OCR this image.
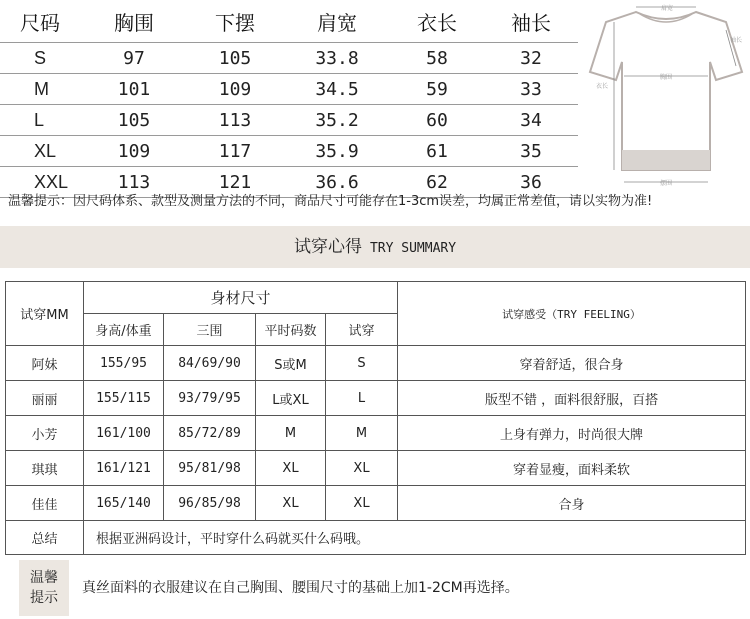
尺码	胸围	下摆	肩宽	衣长	袖长
S	97	105	33.8	58	32
M	101	109	34.5	59	33
L	105	113	35.2	60	34
XL	109	117	35.9	61	35
XXL	113	121	36.6	62	36
肩宽
胸围
衣长
袖长
摆围
温馨提示：因尺码体系、款型及测量方法的不同，商品尺寸可能存在1-3cm误差，均属正常差值，请以实物为准!
试穿心得 TRY SUMMARY
试穿MM	身材尺寸				试穿感受（TRY FEELING）
	身高/体重	三围	平时码数	试穿	
阿妹	155/95	84/69/90	S或M	S	穿着舒适，很合身
丽丽	155/115	93/79/95	L或XL	L	版型不错 ，面料很舒服，百搭
小芳	161/100	85/72/89	M	M	上身有弹力，时尚很大牌
琪琪	161/121	95/81/98	XL	XL	穿着显瘦，面料柔软
佳佳	165/140	96/85/98	XL	XL	合身
总结	根据亚洲码设计，平时穿什么码就买什么码哦。				
温馨
提示
真丝面料的衣服建议在自己胸围、腰围尺寸的基础上加1-2CM再选择。
